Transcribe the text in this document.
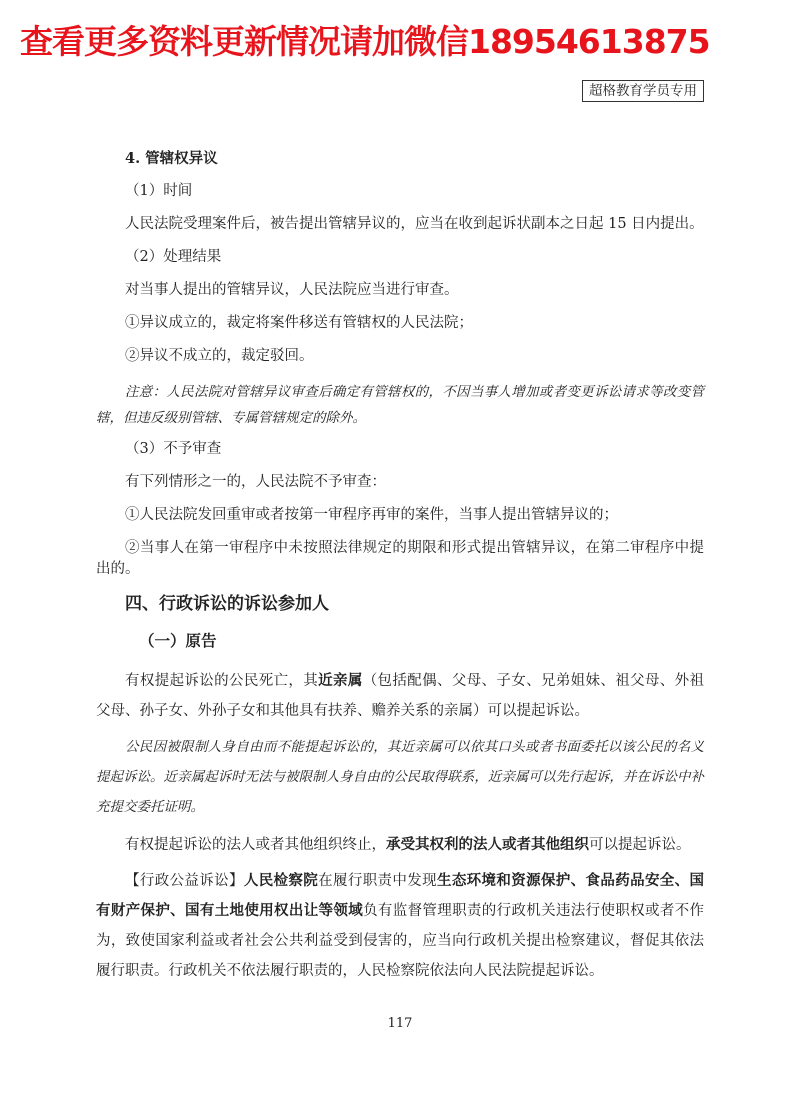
查看更多资料更新情况请加微信18954613875
超格教育学员专用
4. 管辖权异议
（1）时间

人民法院受理案件后，被告提出管辖异议的，应当在收到起诉状副本之日起 15 日内提出。

（2）处理结果

对当事人提出的管辖异议，人民法院应当进行审查。

①异议成立的，裁定将案件移送有管辖权的人民法院；

②异议不成立的，裁定驳回。

注意：人民法院对管辖异议审查后确定有管辖权的，不因当事人增加或者变更诉讼请求等改变管辖，但违反级别管辖、专属管辖规定的除外。

（3）不予审查

有下列情形之一的，人民法院不予审查：

①人民法院发回重审或者按第一审程序再审的案件，当事人提出管辖异议的；

②当事人在第一审程序中未按照法律规定的期限和形式提出管辖异议，在第二审程序中提出的。

四、行政诉讼的诉讼参加人
（一）原告

有权提起诉讼的公民死亡，其近亲属（包括配偶、父母、子女、兄弟姐妹、祖父母、外祖父母、孙子女、外孙子女和其他具有扶养、赡养关系的亲属）可以提起诉讼。

公民因被限制人身自由而不能提起诉讼的，其近亲属可以依其口头或者书面委托以该公民的名义提起诉讼。近亲属起诉时无法与被限制人身自由的公民取得联系，近亲属可以先行起诉，并在诉讼中补充提交委托证明。

有权提起诉讼的法人或者其他组织终止，承受其权利的法人或者其他组织可以提起诉讼。

【行政公益诉讼】人民检察院在履行职责中发现生态环境和资源保护、食品药品安全、国有财产保护、国有土地使用权出让等领域负有监督管理职责的行政机关违法行使职权或者不作为，致使国家利益或者社会公共利益受到侵害的，应当向行政机关提出检察建议，督促其依法履行职责。行政机关不依法履行职责的，人民检察院依法向人民法院提起诉讼。

117
